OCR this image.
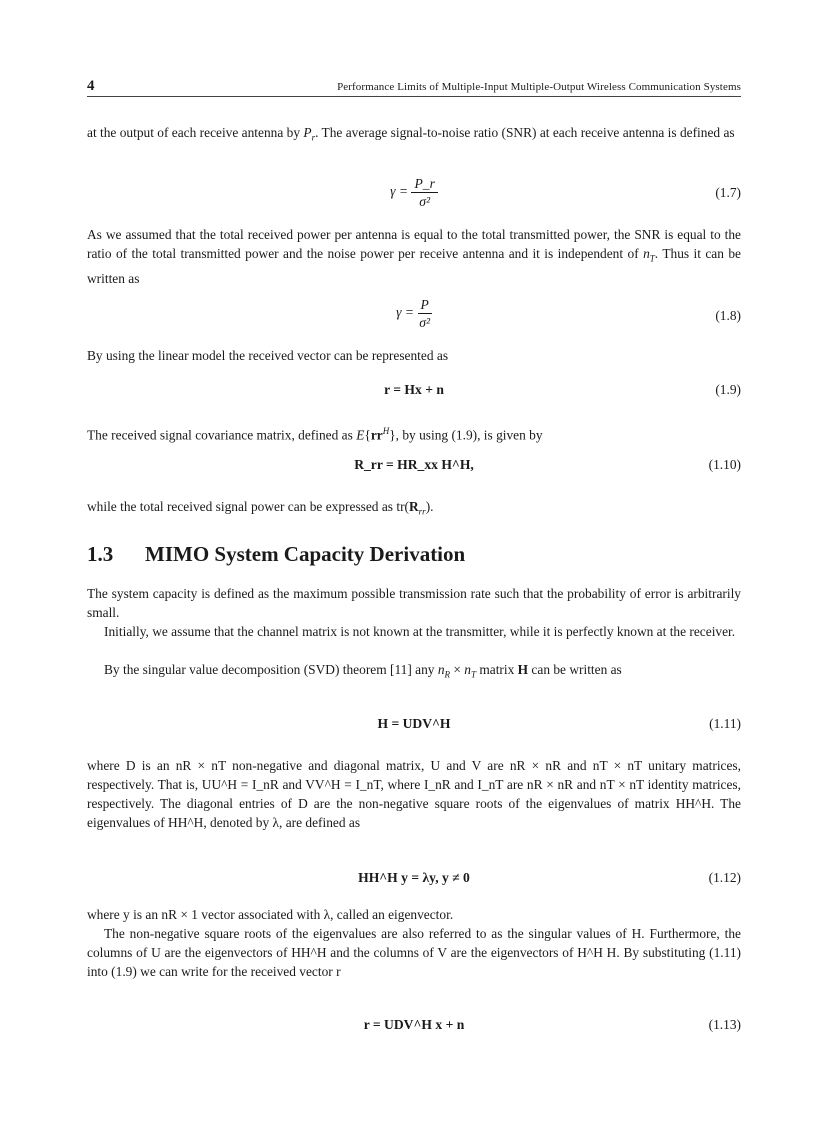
4	Performance Limits of Multiple-Input Multiple-Output Wireless Communication Systems

at the output of each receive antenna by $P_r$. The average signal-to-noise ratio (SNR) at each receive antenna is defined as

$\gamma = \frac{P\_r}{\text{σ²}}$	(1.7)

As we assumed that the total received power per antenna is equal to the total transmitted power, the SNR is equal to the ratio of the total transmitted power and the noise power per receive antenna and it is independent of $n_T$. Thus it can be written as

$\gamma = \frac{P}{\text{σ²}}$	(1.8)

By using the linear model the received vector can be represented as

r = Hx + n	(1.9)

The received signal covariance matrix, defined as $E\{rr^H\}$, by using (1.9), is given by

R_rr = HR_xx H^H,	(1.10)

while the total received signal power can be expressed as $tr(R_{rr})$.

1.3 MIMO System Capacity Derivation

The system capacity is defined as the maximum possible transmission rate such that the probability of error is arbitrarily small.

Initially, we assume that the channel matrix is not known at the transmitter, while it is perfectly known at the receiver.

By the singular value decomposition (SVD) theorem [11] any $n_R \times n_T$ matrix H can be written as

H = UDV^H	(1.11)

where D is an nR × nT non-negative and diagonal matrix, U and V are nR × nR and nT × nT unitary matrices, respectively. That is, UU^H = I_nR and VV^H = I_nT, where I_nR and I_nT are nR × nR and nT × nT identity matrices, respectively. The diagonal entries of D are the non-negative square roots of the eigenvalues of matrix HH^H. The eigenvalues of HH^H, denoted by λ, are defined as

HH^H y = λy, y ≠ 0	(1.12)

where y is an nR × 1 vector associated with λ, called an eigenvector.

The non-negative square roots of the eigenvalues are also referred to as the singular values of H. Furthermore, the columns of U are the eigenvectors of HH^H and the columns of V are the eigenvectors of H^H H. By substituting (1.11) into (1.9) we can write for the received vector r

r = UDV^H x + n	(1.13)
